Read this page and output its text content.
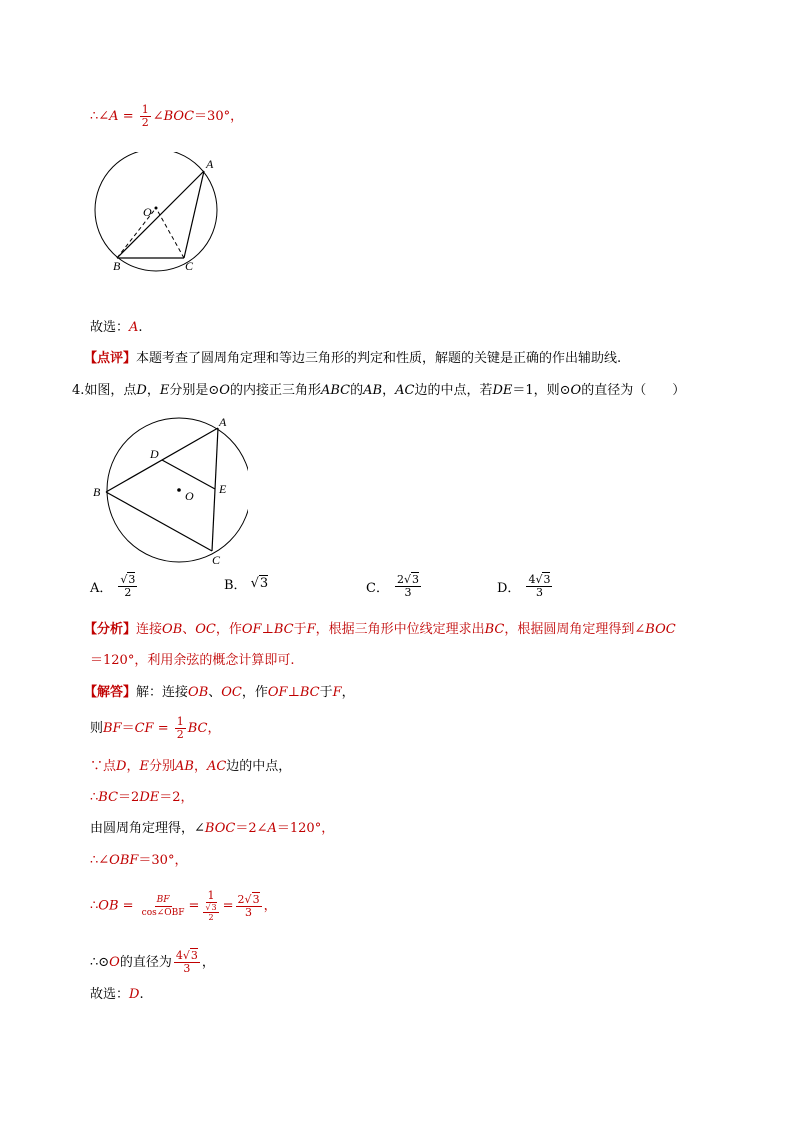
∴∠A = $\frac{1}{2}$ ∠BOC＝30°，
A
O
B	C
故选：A.
【点评】本题考查了圆周角定理和等边三角形的判定和性质，解题的关键是正确的作出辅助线.
4.如图，点D，E分别是⊙O的内接正三角形ABC的AB，AC边的中点，若DE＝1，则⊙O的直径为（　　）
A
D
B	O E
C
A． $\frac{√3}{2}$	B． √3	C． $\frac{2√3}{3}$	D． $\frac{4√3}{3}$
【分析】连接OB、OC，作OF⊥BC于F，根据三角形中位线定理求出BC，根据圆周角定理得到∠BOC
＝120°，利用余弦的概念计算即可.
【解答】解：连接OB、OC，作OF⊥BC于F，
则$BF=CF = \frac{1}{2}$ BC，
∵点D，E分别AB，AC边的中点，
∴BC＝2DE＝2，
由圆周角定理得，∠BOC＝2∠A＝120°，
∴∠OBF＝30°，
∴OB = $\frac{BF}{\text{cos∠OBF}} = \frac{1}{\frac{√3}{2}} = \frac{2√3}{3}$ ，
∴⊙O的直径为 $\frac{4√3}{3}$ ，
故选：D.
